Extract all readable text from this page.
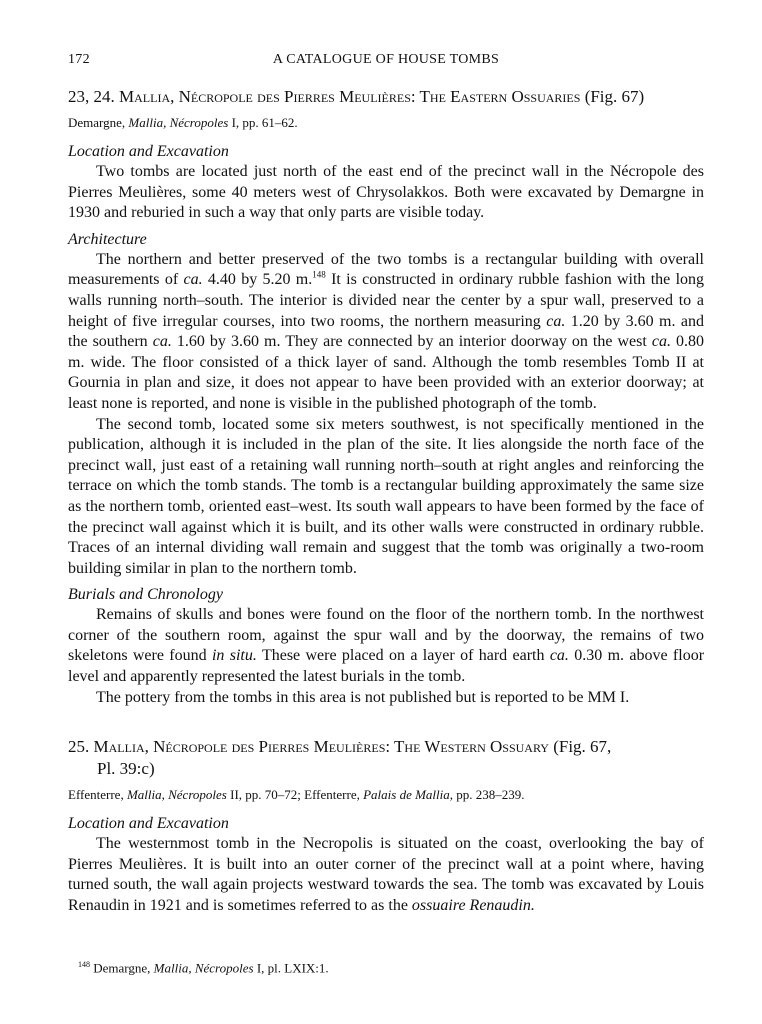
172	A CATALOGUE OF HOUSE TOMBS
23, 24. Mallia, Nécropole des Pierres Meulières: The Eastern Ossuaries (Fig. 67)
Demargne, Mallia, Nécropoles I, pp. 61–62.
Location and Excavation

Two tombs are located just north of the east end of the precinct wall in the Nécropole des Pierres Meulières, some 40 meters west of Chrysolakkos. Both were excavated by Demargne in 1930 and reburied in such a way that only parts are visible today.

Architecture

The northern and better preserved of the two tombs is a rectangular building with overall measurements of ca. 4.40 by 5.20 m.$^{148}$ It is constructed in ordinary rubble fashion with the long walls running north–south. The interior is divided near the center by a spur wall, preserved to a height of five irregular courses, into two rooms, the northern measuring ca. 1.20 by 3.60 m. and the southern ca. 1.60 by 3.60 m. They are connected by an interior doorway on the west ca. 0.80 m. wide. The floor consisted of a thick layer of sand. Although the tomb resembles Tomb II at Gournia in plan and size, it does not appear to have been provided with an exterior doorway; at least none is reported, and none is visible in the published photograph of the tomb.

The second tomb, located some six meters southwest, is not specifically mentioned in the publication, although it is included in the plan of the site. It lies alongside the north face of the precinct wall, just east of a retaining wall running north–south at right angles and reinforcing the terrace on which the tomb stands. The tomb is a rectangular building approximately the same size as the northern tomb, oriented east–west. Its south wall appears to have been formed by the face of the precinct wall against which it is built, and its other walls were constructed in ordinary rubble. Traces of an internal dividing wall remain and suggest that the tomb was originally a two-room building similar in plan to the northern tomb.

Burials and Chronology

Remains of skulls and bones were found on the floor of the northern tomb. In the northwest corner of the southern room, against the spur wall and by the doorway, the remains of two skeletons were found in situ. These were placed on a layer of hard earth ca. 0.30 m. above floor level and apparently represented the latest burials in the tomb.

The pottery from the tombs in this area is not published but is reported to be MM I.

25. Mallia, Nécropole des Pierres Meulières: The Western Ossuary (Fig. 67,
Pl. 39:c)
Effenterre, Mallia, Nécropoles II, pp. 70–72; Effenterre, Palais de Mallia, pp. 238–239.
Location and Excavation

The westernmost tomb in the Necropolis is situated on the coast, overlooking the bay of Pierres Meulières. It is built into an outer corner of the precinct wall at a point where, having turned south, the wall again projects westward towards the sea. The tomb was excavated by Louis Renaudin in 1921 and is sometimes referred to as the ossuaire Renaudin.

$^{148}$ Demargne, Mallia, Nécropoles I, pl. LXIX:1.
